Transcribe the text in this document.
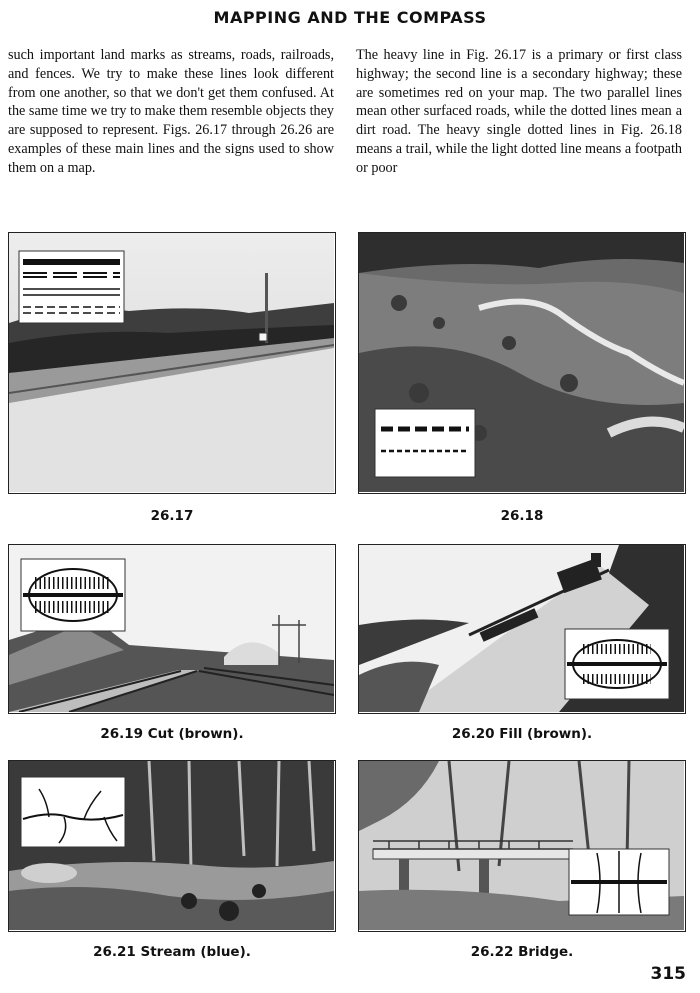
MAPPING AND THE COMPASS
such important land marks as streams, roads, railroads, and fences. We try to make these lines look different from one another, so that we don't get them confused. At the same time we try to make them resemble objects they are supposed to represent. Figs. 26.17 through 26.26 are examples of these main lines and the signs used to show them on a map.
The heavy line in Fig. 26.17 is a primary or first class highway; the second line is a secondary highway; these are sometimes red on your map. The two parallel lines mean other surfaced roads, while the dotted lines mean a dirt road. The heavy single dotted lines in Fig. 26.18 means a trail, while the light dotted line means a footpath or poor
26.17	26.18
26.19 Cut (brown).	26.20 Fill (brown).
26.21 Stream (blue).	26.22 Bridge.
315
